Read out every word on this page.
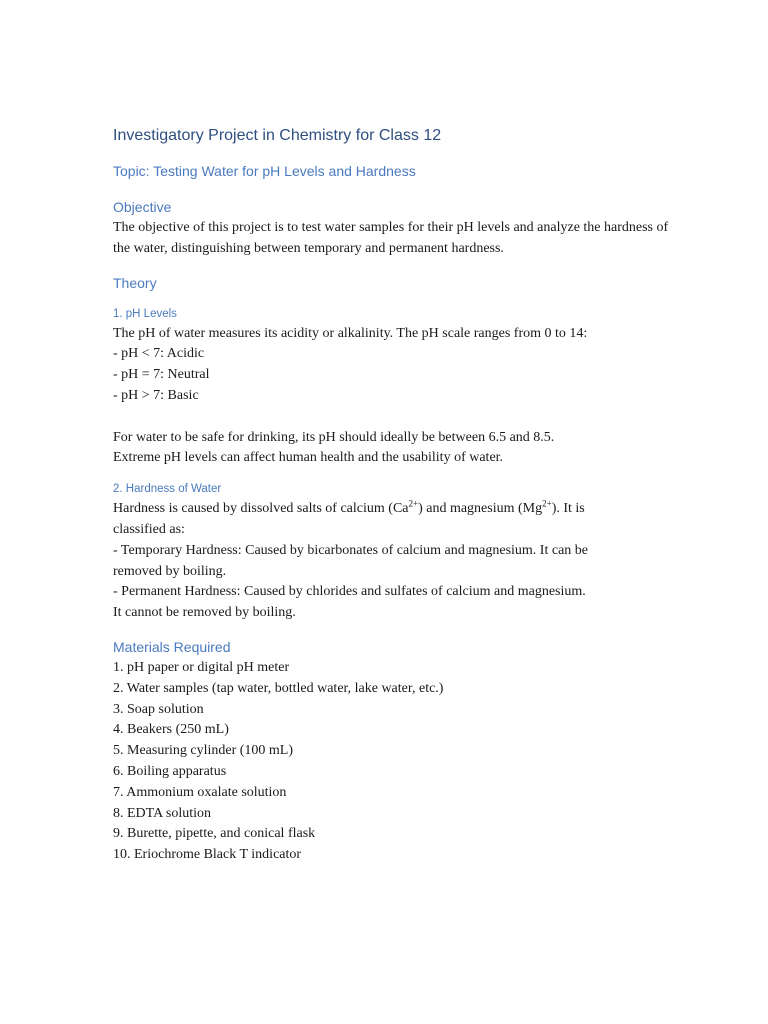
Investigatory Project in Chemistry for Class 12
Topic: Testing Water for pH Levels and Hardness
Objective

The objective of this project is to test water samples for their pH levels and analyze the hardness of the water, distinguishing between temporary and permanent hardness.

Theory
1. pH Levels
The pH of water measures its acidity or alkalinity. The pH scale ranges from 0 to 14:
- pH < 7: Acidic
- pH = 7: Neutral
- pH > 7: Basic
For water to be safe for drinking, its pH should ideally be between 6.5 and 8.5.
Extreme pH levels can affect human health and the usability of water.
2. Hardness of Water
Hardness is caused by dissolved salts of calcium $(Ca^{2+})$ and magnesium $(Mg^{2+})$. It is
classified as:
- Temporary Hardness: Caused by bicarbonates of calcium and magnesium. It can be
removed by boiling.
- Permanent Hardness: Caused by chlorides and sulfates of calcium and magnesium.
It cannot be removed by boiling.
Materials Required
1. pH paper or digital pH meter
2. Water samples (tap water, bottled water, lake water, etc.)
3. Soap solution
4. Beakers (250 mL)
5. Measuring cylinder (100 mL)
6. Boiling apparatus
7. Ammonium oxalate solution
8. EDTA solution
9. Burette, pipette, and conical flask
10. Eriochrome Black T indicator
